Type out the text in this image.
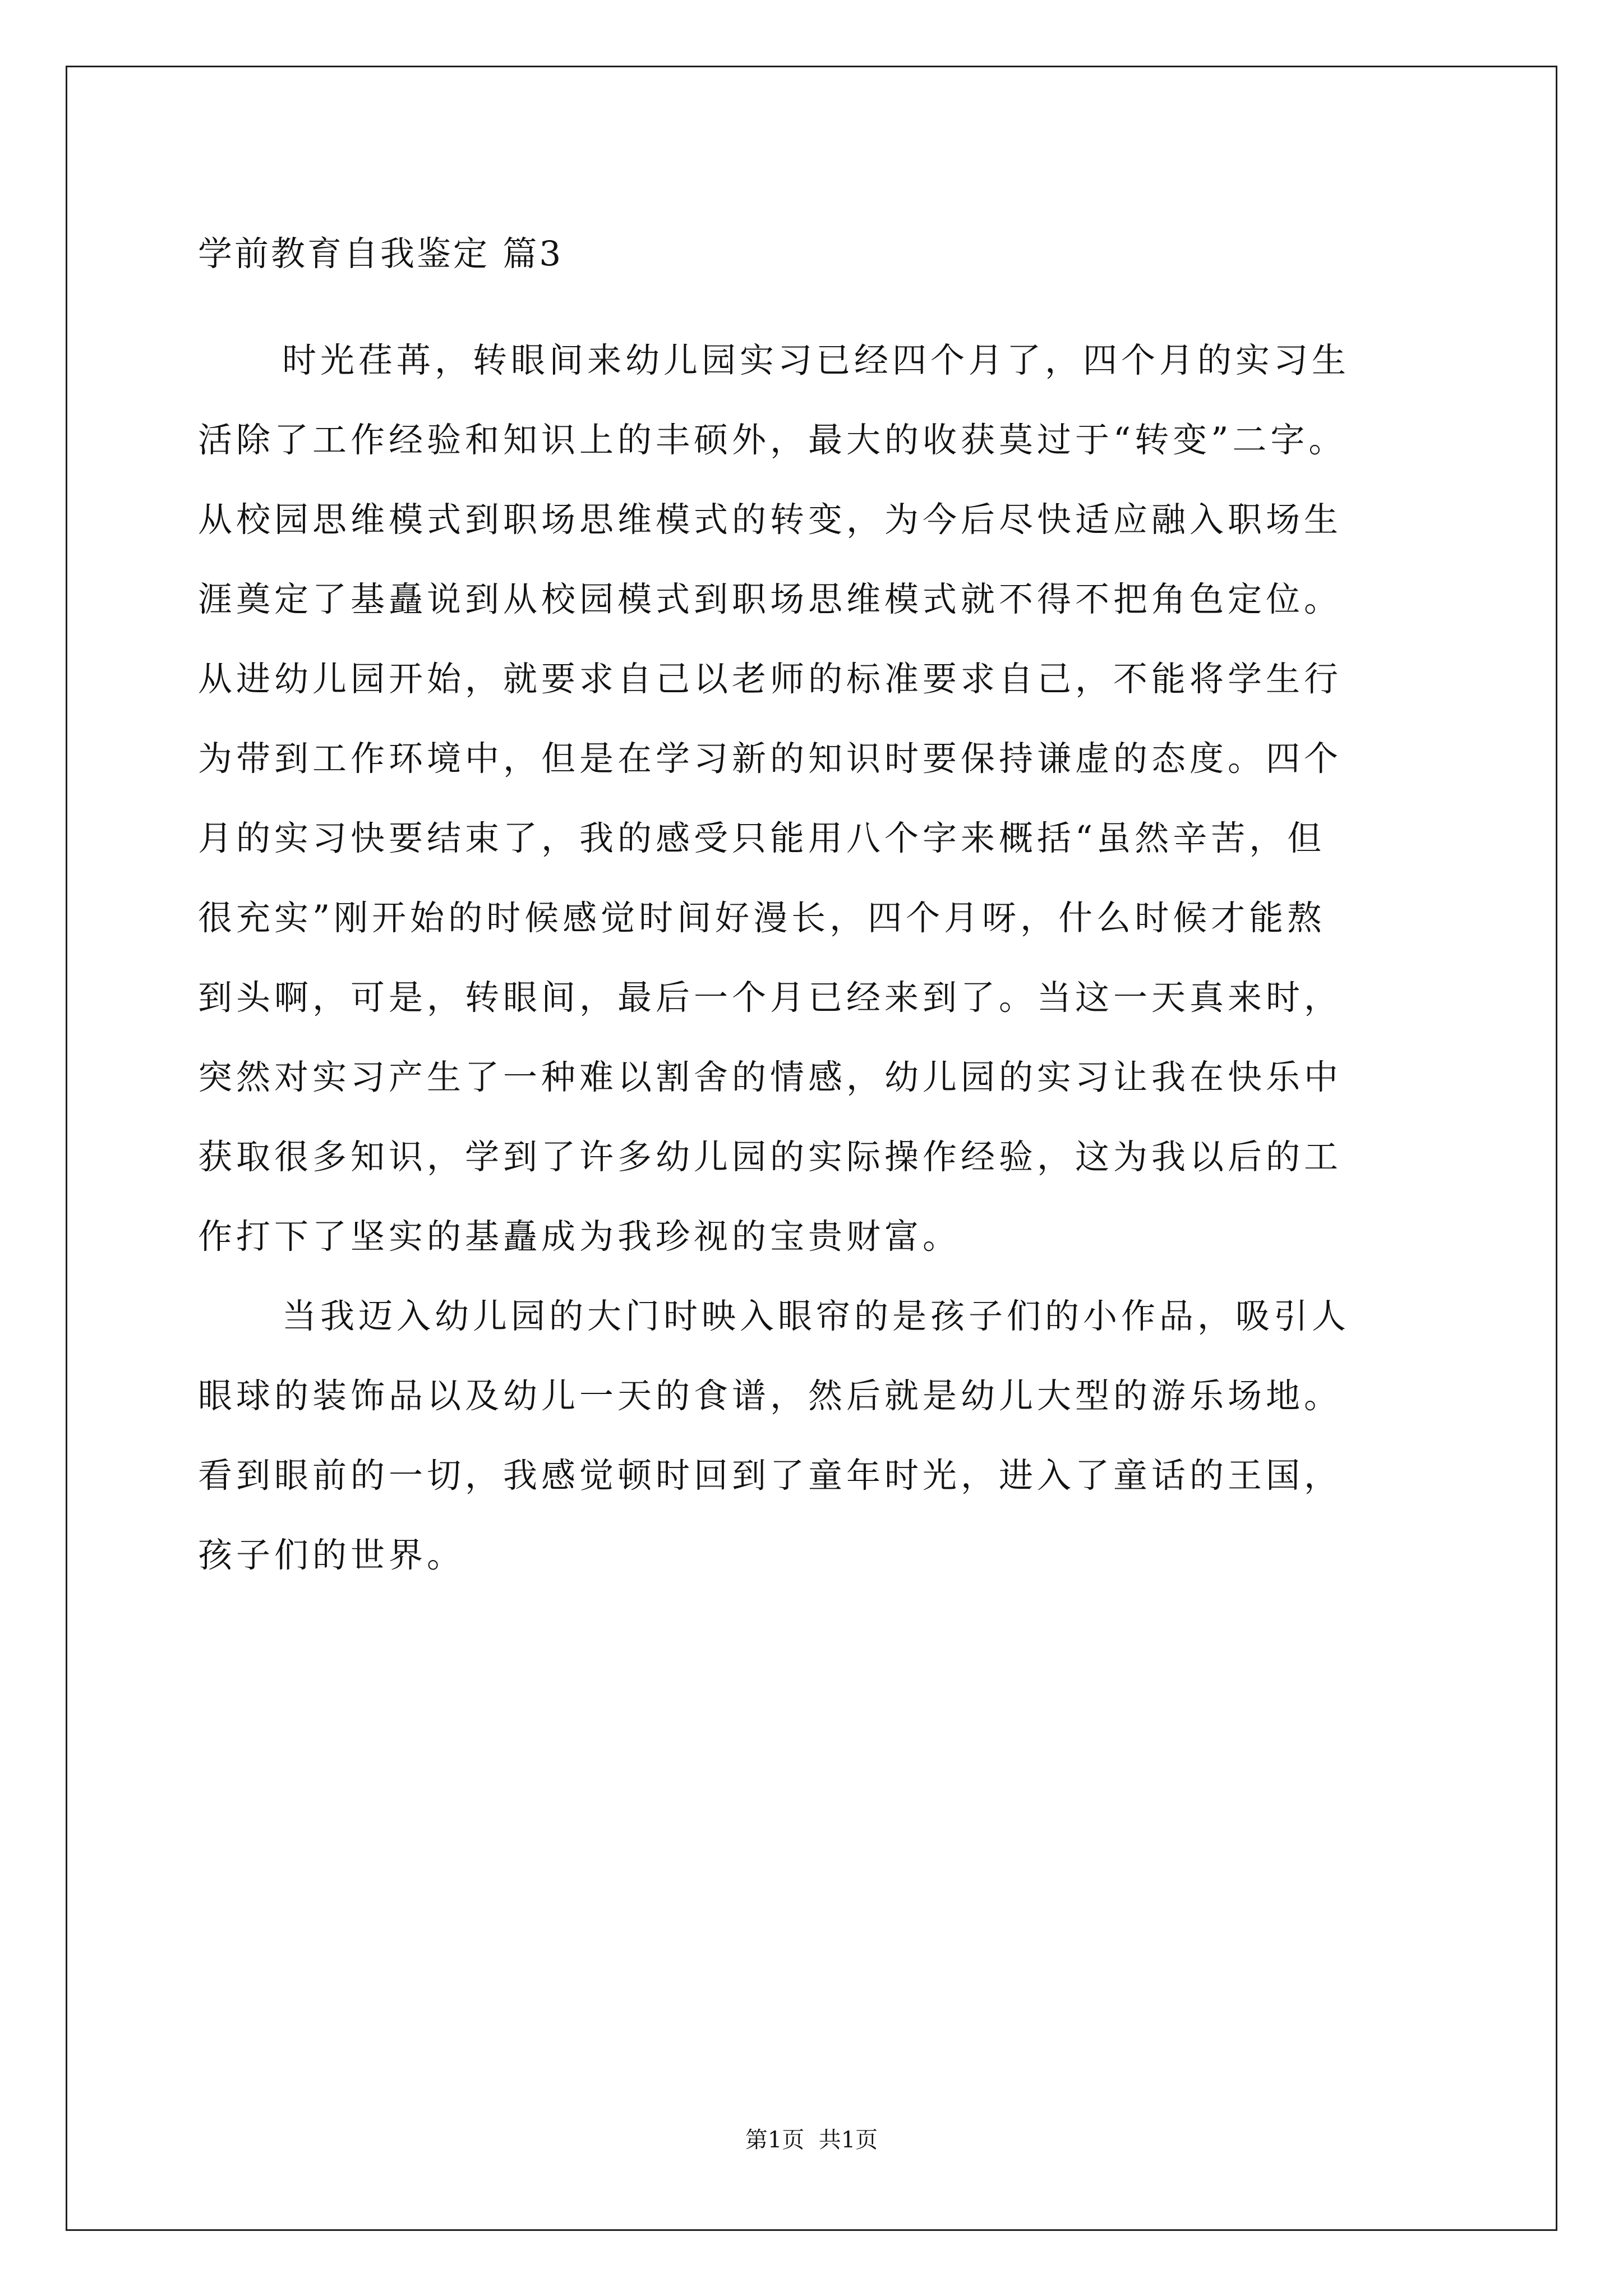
学前教育自我鉴定 篇3

时光荏苒，转眼间来幼儿园实习已经四个月了，四个月的实习生
活除了工作经验和知识上的丰硕外，最大的收获莫过于“转变”二字。
从校园思维模式到职场思维模式的转变，为今后尽快适应融入职场生
涯奠定了基矗说到从校园模式到职场思维模式就不得不把角色定位。
从进幼儿园开始，就要求自己以老师的标准要求自己，不能将学生行
为带到工作环境中，但是在学习新的知识时要保持谦虚的态度。四个
月的实习快要结束了，我的感受只能用八个字来概括“虽然辛苦，但
很充实”刚开始的时候感觉时间好漫长，四个月呀，什么时候才能熬
到头啊，可是，转眼间，最后一个月已经来到了。当这一天真来时，
突然对实习产生了一种难以割舍的情感，幼儿园的实习让我在快乐中
获取很多知识，学到了许多幼儿园的实际操作经验，这为我以后的工
作打下了坚实的基矗成为我珍视的宝贵财富。

当我迈入幼儿园的大门时映入眼帘的是孩子们的小作品，吸引人
眼球的装饰品以及幼儿一天的食谱，然后就是幼儿大型的游乐场地。
看到眼前的一切，我感觉顿时回到了童年时光，进入了童话的王国，
孩子们的世界。

第1页  共1页
